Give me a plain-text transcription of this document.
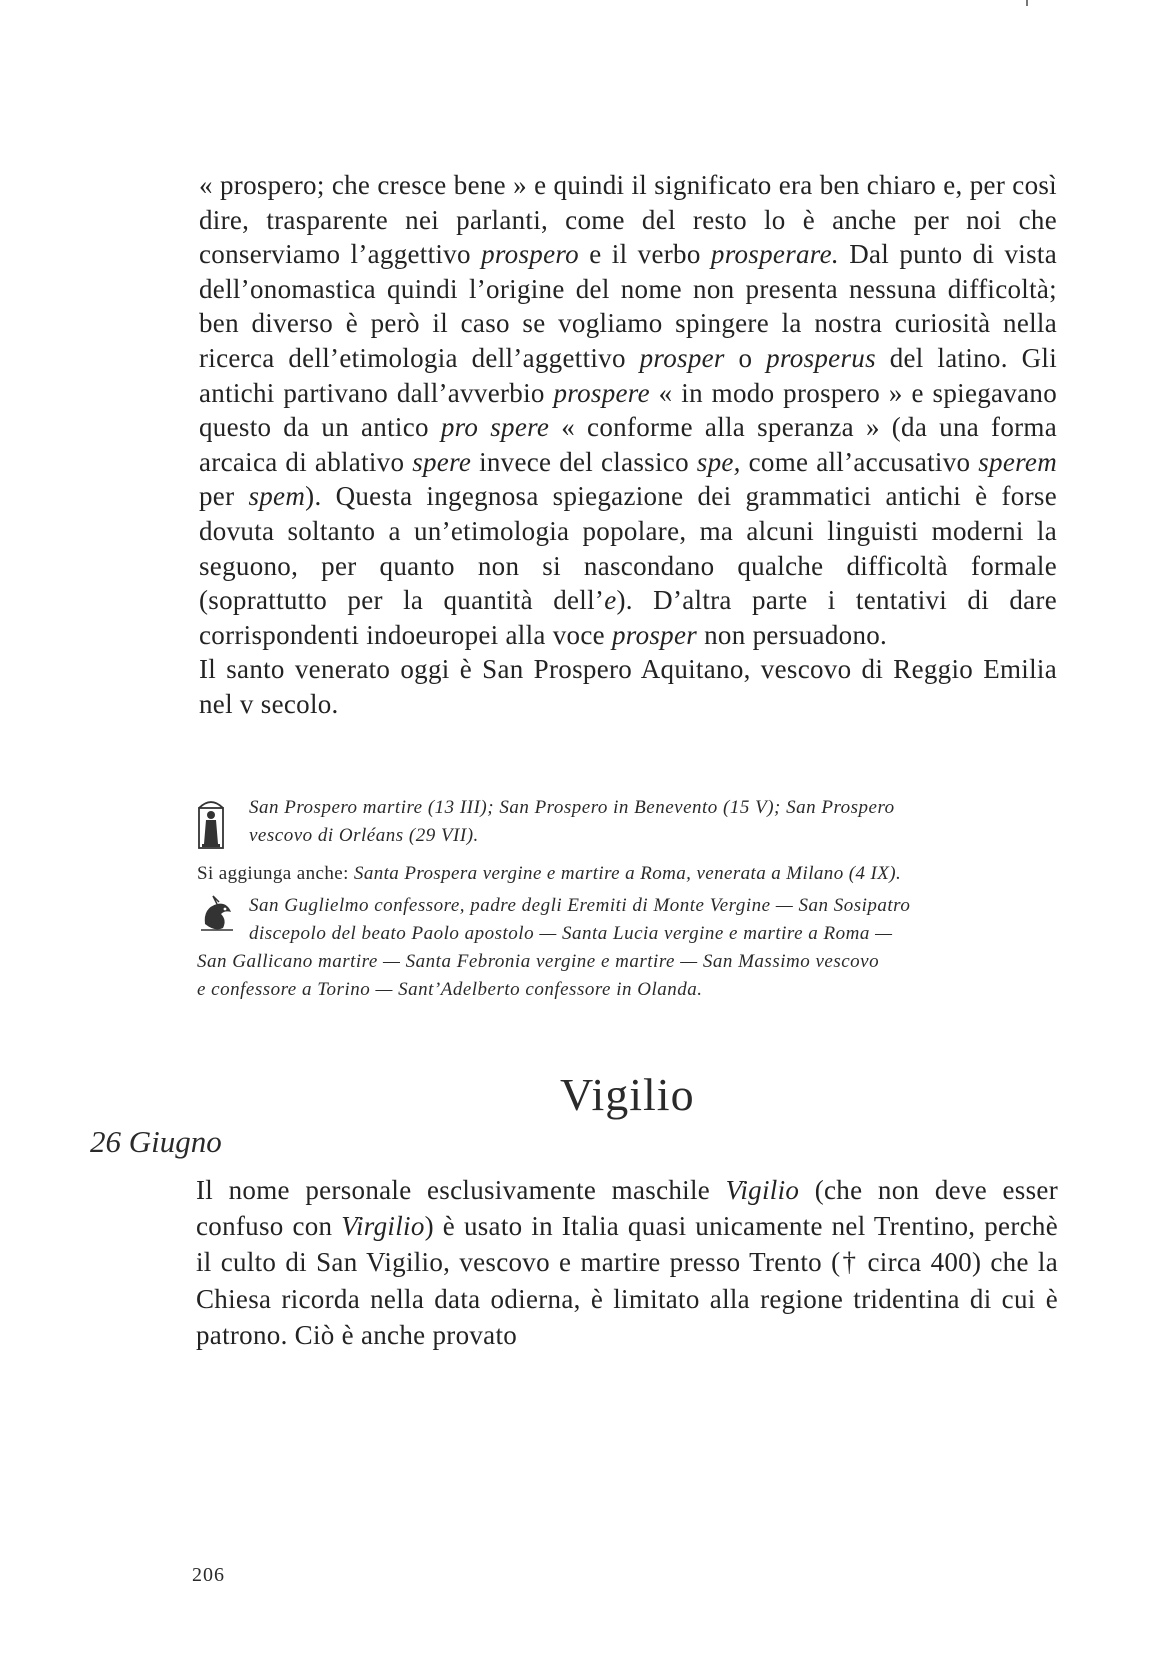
« prospero; che cresce bene » e quindi il significato era ben chiaro e, per così dire, trasparente nei parlanti, come del resto lo è anche per noi che conserviamo l’aggettivo prospero e il verbo prosperare. Dal punto di vista dell’onomastica quindi l’origine del nome non presenta nessuna difficoltà; ben diverso è però il caso se vogliamo spingere la nostra curiosità nella ricerca dell’etimologia dell’aggettivo prosper o prosperus del latino. Gli antichi partivano dall’avverbio prospere « in modo prospero » e spiegavano questo da un antico pro spere « conforme alla speranza » (da una forma arcaica di ablativo spere invece del classico spe, come all’accusativo sperem per spem). Questa ingegnosa spiegazione dei grammatici antichi è forse dovuta soltanto a un’etimologia popolare, ma alcuni linguisti moderni la seguono, per quanto non si nascondano qualche difficoltà formale (soprattutto per la quantità dell’e). D’altra parte i tentativi di dare corrispondenti indoeuropei alla voce prosper non persuadono.

Il santo venerato oggi è San Prospero Aquitano, vescovo di Reggio Emilia nel v secolo.

San Prospero martire (13 III); San Prospero in Benevento (15 V); San Prospero
vescovo di Orléans (29 VII).
Si aggiunga anche: Santa Prospera vergine e martire a Roma, venerata a Milano (4 IX).
San Guglielmo confessore, padre degli Eremiti di Monte Vergine — San Sosipatro
discepolo del beato Paolo apostolo — Santa Lucia vergine e martire a Roma —
San Gallicano martire — Santa Febronia vergine e martire — San Massimo vescovo
e confessore a Torino — Sant’Adelberto confessore in Olanda.
Vigilio
26 Giugno

Il nome personale esclusivamente maschile Vigilio (che non deve esser confuso con Virgilio) è usato in Italia quasi unicamente nel Trentino, perchè il culto di San Vigilio, vescovo e martire presso Trento († circa 400) che la Chiesa ricorda nella data odierna, è limitato alla regione tridentina di cui è patrono. Ciò è anche provato

206
